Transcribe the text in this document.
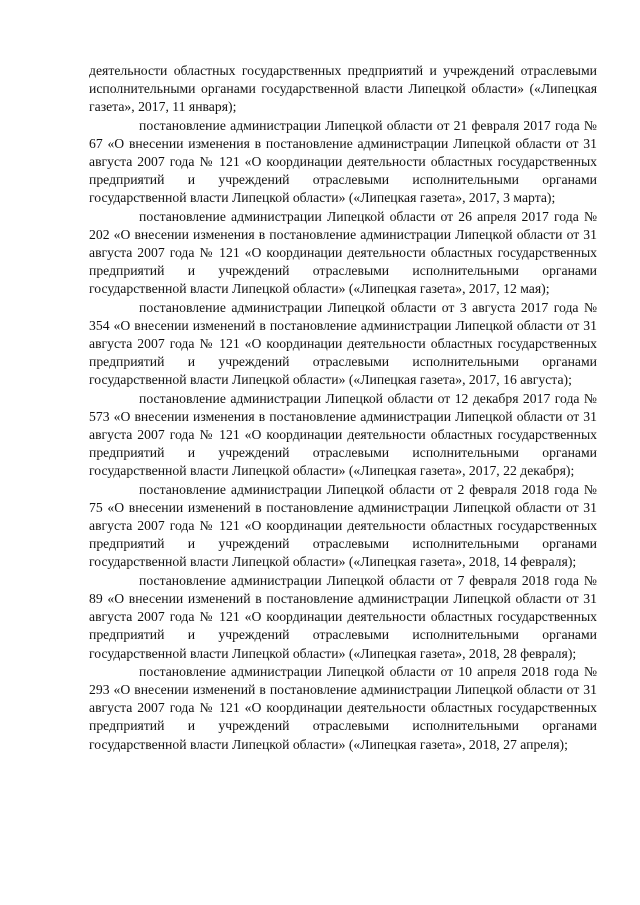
деятельности областных государственных предприятий и учреждений отраслевыми исполнительными органами государственной власти Липецкой области» («Липецкая газета», 2017, 11 января);

постановление администрации Липецкой области от 21 февраля 2017 года № 67 «О внесении изменения в постановление администрации Липецкой области от 31 августа 2007 года № 121 «О координации деятельности областных государственных предприятий и учреждений отраслевыми исполнительными органами государственной власти Липецкой области» («Липецкая газета», 2017, 3 марта);

постановление администрации Липецкой области от 26 апреля 2017 года № 202 «О внесении изменения в постановление администрации Липецкой области от 31 августа 2007 года № 121 «О координации деятельности областных государственных предприятий и учреждений отраслевыми исполнительными органами государственной власти Липецкой области» («Липецкая газета», 2017, 12 мая);

постановление администрации Липецкой области от 3 августа 2017 года № 354 «О внесении изменений в постановление администрации Липецкой области от 31 августа 2007 года № 121 «О координации деятельности областных государственных предприятий и учреждений отраслевыми исполнительными органами государственной власти Липецкой области» («Липецкая газета», 2017, 16 августа);

постановление администрации Липецкой области от 12 декабря 2017 года № 573 «О внесении изменения в постановление администрации Липецкой области от 31 августа 2007 года № 121 «О координации деятельности областных государственных предприятий и учреждений отраслевыми исполнительными органами государственной власти Липецкой области» («Липецкая газета», 2017, 22 декабря);

постановление администрации Липецкой области от 2 февраля 2018 года № 75 «О внесении изменений в постановление администрации Липецкой области от 31 августа 2007 года № 121 «О координации деятельности областных государственных предприятий и учреждений отраслевыми исполнительными органами государственной власти Липецкой области» («Липецкая газета», 2018, 14 февраля);

постановление администрации Липецкой области от 7 февраля 2018 года № 89 «О внесении изменений в постановление администрации Липецкой области от 31 августа 2007 года № 121 «О координации деятельности областных государственных предприятий и учреждений отраслевыми исполнительными органами государственной власти Липецкой области» («Липецкая газета», 2018, 28 февраля);

постановление администрации Липецкой области от 10 апреля 2018 года № 293 «О внесении изменений в постановление администрации Липецкой области от 31 августа 2007 года № 121 «О координации деятельности областных государственных предприятий и учреждений отраслевыми исполнительными органами государственной власти Липецкой области» («Липецкая газета», 2018, 27 апреля);
